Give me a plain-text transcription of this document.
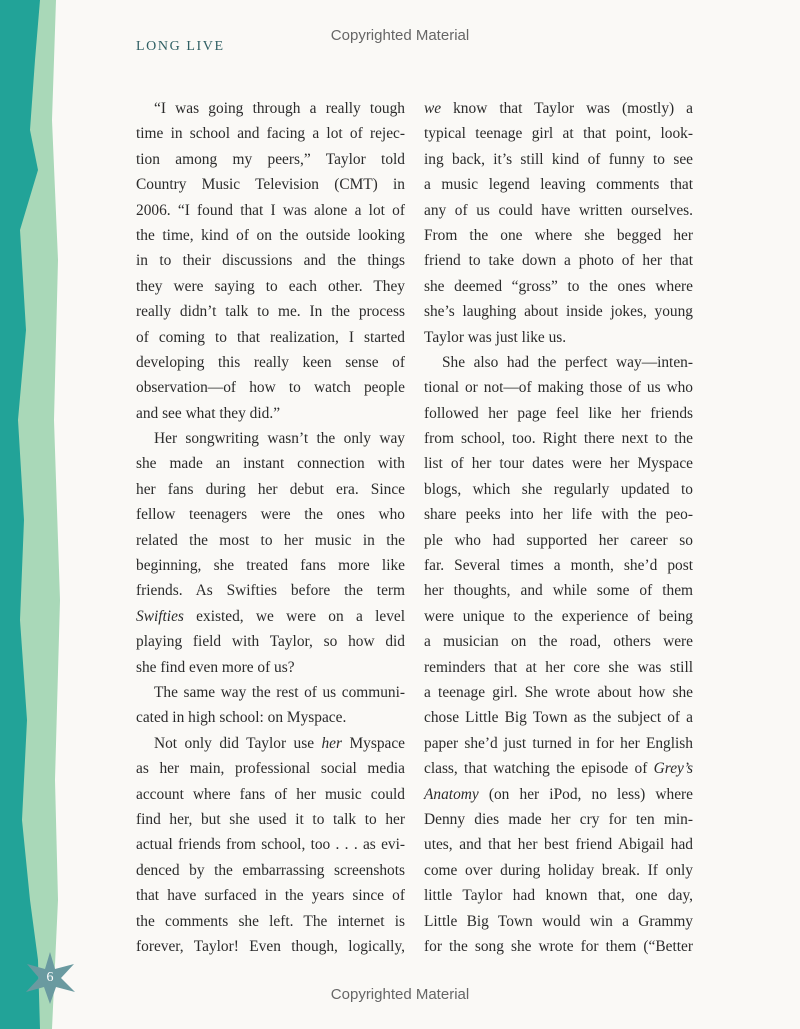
Copyrighted Material
LONG LIVE
“I was going through a really tough
time in school and facing a lot of rejec-
tion among my peers,” Taylor told
Country Music Television (CMT) in
2006. “I found that I was alone a lot of
the time, kind of on the outside looking
in to their discussions and the things
they were saying to each other. They
really didn’t talk to me. In the process
of coming to that realization, I started
developing this really keen sense of
observation—of how to watch people
and see what they did.”
Her songwriting wasn’t the only way
she made an instant connection with
her fans during her debut era. Since
fellow teenagers were the ones who
related the most to her music in the
beginning, she treated fans more like
friends. As Swifties before the term
Swifties existed, we were on a level
playing field with Taylor, so how did
she find even more of us?
The same way the rest of us communi-
cated in high school: on Myspace.
Not only did Taylor use her Myspace
as her main, professional social media
account where fans of her music could
find her, but she used it to talk to her
actual friends from school, too . . . as evi-
denced by the embarrassing screenshots
that have surfaced in the years since of
the comments she left. The internet is
forever, Taylor! Even though, logically,
we know that Taylor was (mostly) a
typical teenage girl at that point, look-
ing back, it’s still kind of funny to see
a music legend leaving comments that
any of us could have written ourselves.
From the one where she begged her
friend to take down a photo of her that
she deemed “gross” to the ones where
she’s laughing about inside jokes, young
Taylor was just like us.
She also had the perfect way—inten-
tional or not—of making those of us who
followed her page feel like her friends
from school, too. Right there next to the
list of her tour dates were her Myspace
blogs, which she regularly updated to
share peeks into her life with the peo-
ple who had supported her career so
far. Several times a month, she’d post
her thoughts, and while some of them
were unique to the experience of being
a musician on the road, others were
reminders that at her core she was still
a teenage girl. She wrote about how she
chose Little Big Town as the subject of a
paper she’d just turned in for her English
class, that watching the episode of Grey’s
Anatomy (on her iPod, no less) where
Denny dies made her cry for ten min-
utes, and that her best friend Abigail had
come over during holiday break. If only
little Taylor had known that, one day,
Little Big Town would win a Grammy
for the song she wrote for them (“Better
6
Copyrighted Material
